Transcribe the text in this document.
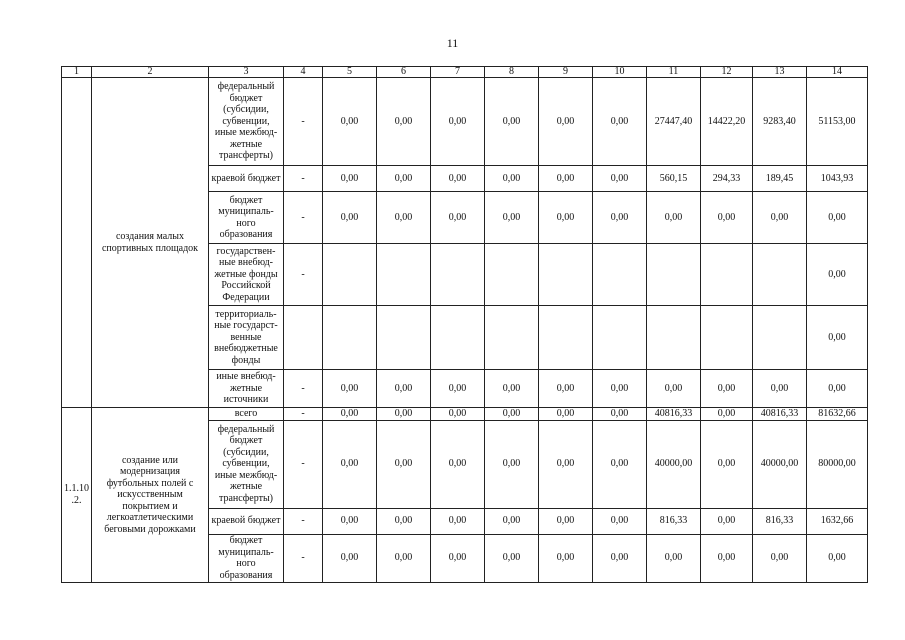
11
1	2	3	4	5	6	7	8	9	10	11	12	13	14
	создания малых спортивных площадок	федеральный бюджет (субсидии, субвенции, иные межбюд- жетные трансферты)	-	0,00	0,00	0,00	0,00	0,00	0,00	27447,40	14422,20	9283,40	51153,00
		краевой бюджет	-	0,00	0,00	0,00	0,00	0,00	0,00	560,15	294,33	189,45	1043,93
		бюджет муниципаль- ного образования	-	0,00	0,00	0,00	0,00	0,00	0,00	0,00	0,00	0,00	0,00
		государствен- ные внебюд- жетные фонды Российской Федерации	-										0,00
		территориаль- ные государст- венные внебюджетные фонды											0,00
		иные внебюд- жетные источники	-	0,00	0,00	0,00	0,00	0,00	0,00	0,00	0,00	0,00	0,00
1.1.10 .2.	создание или модернизация футбольных полей с искусственным покрытием и легкоатлетическими беговыми дорожками	всего	-	0,00	0,00	0,00	0,00	0,00	0,00	40816,33	0,00	40816,33	81632,66
		федеральный бюджет (субсидии, субвенции, иные межбюд- жетные трансферты)	-	0,00	0,00	0,00	0,00	0,00	0,00	40000,00	0,00	40000,00	80000,00
		краевой бюджет	-	0,00	0,00	0,00	0,00	0,00	0,00	816,33	0,00	816,33	1632,66
		бюджет муниципаль- ного образования	-	0,00	0,00	0,00	0,00	0,00	0,00	0,00	0,00	0,00	0,00
